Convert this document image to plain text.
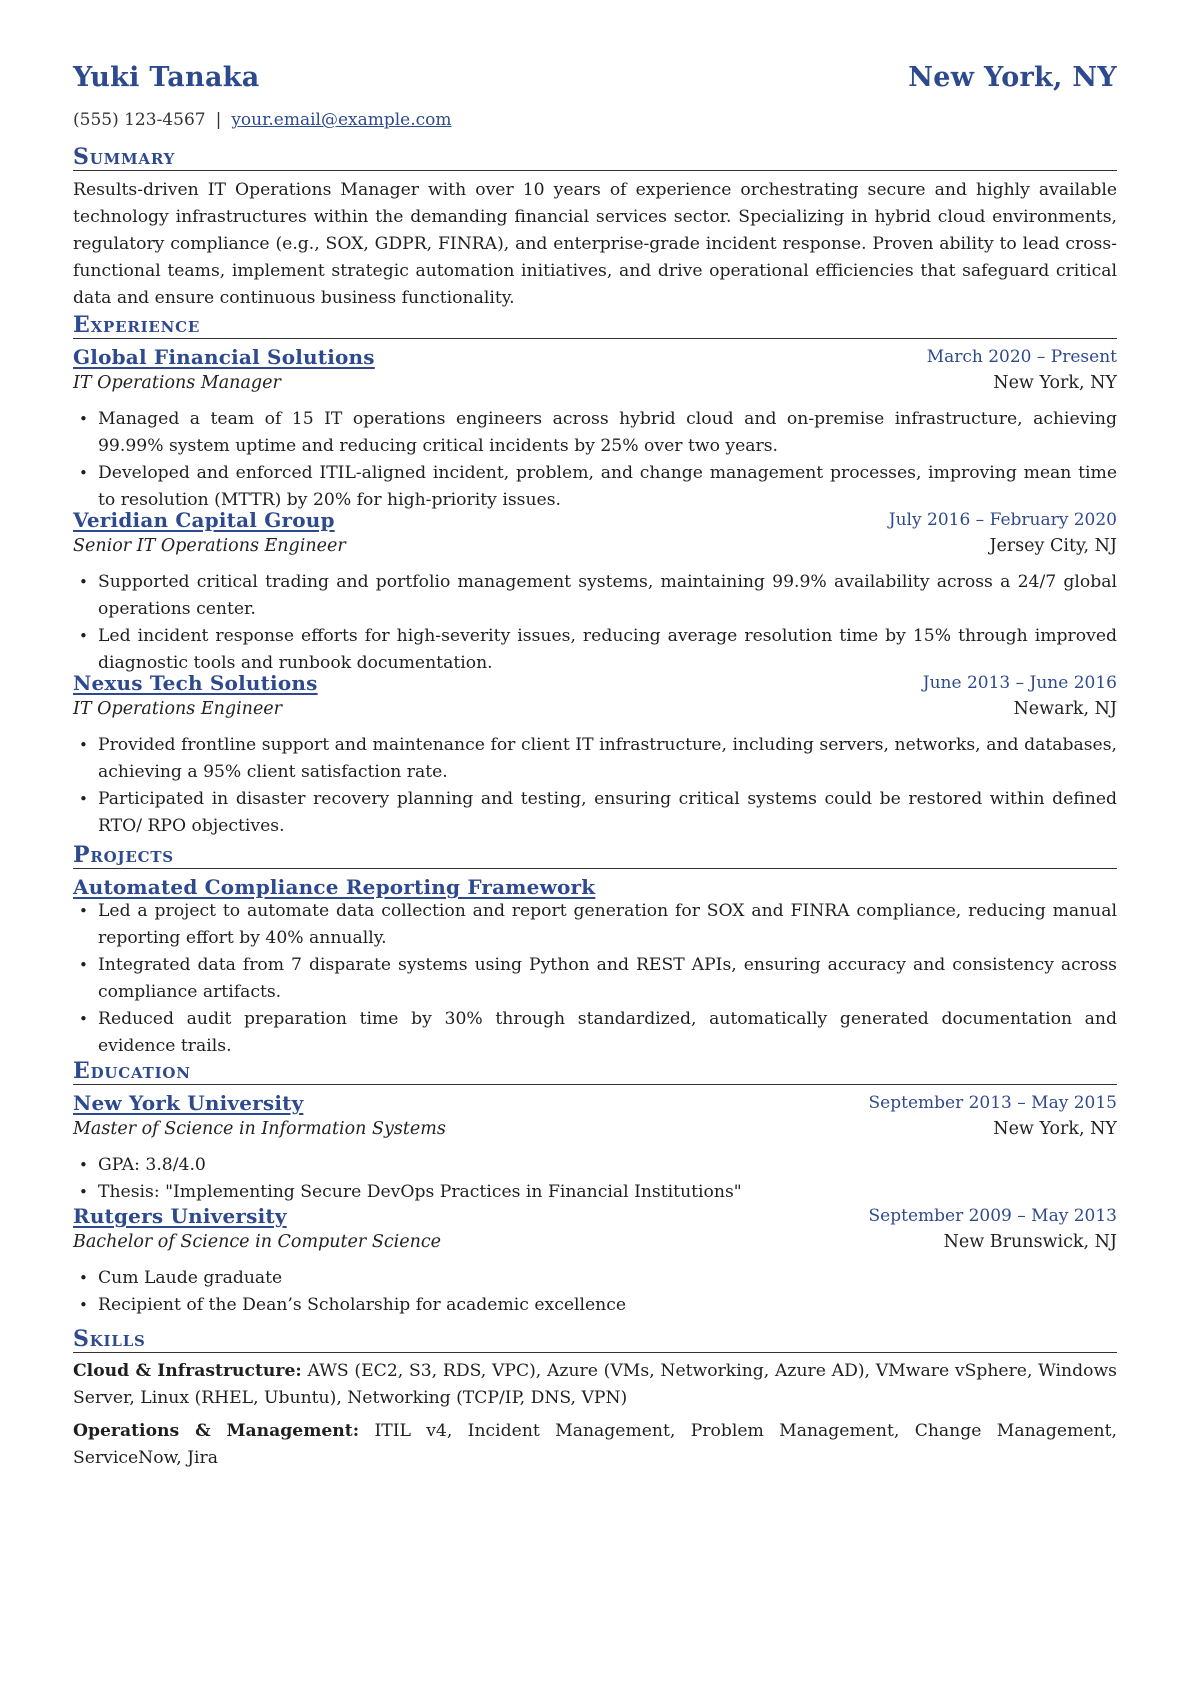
Yuki Tanaka	New York, NY
(555) 123-4567 | your.email@example.com
Summary
Results-driven IT Operations Manager with over 10 years of experience orchestrating secure and highly available technology infrastructures within the demanding financial services sector. Specializing in hybrid cloud environments, regulatory compliance (e.g., SOX, GDPR, FINRA), and enterprise-grade incident response. Proven ability to lead cross-functional teams, implement strategic automation initiatives, and drive operational efficiencies that safeguard critical data and ensure continuous business functionality.
Experience
Global Financial Solutions	March 2020 – Present
IT Operations Manager	New York, NY
• Managed a team of 15 IT operations engineers across hybrid cloud and on-premise infrastructure, achieving 99.99% system uptime and reducing critical incidents by 25% over two years.
• Developed and enforced ITIL-aligned incident, problem, and change management processes, improving mean time to resolution (MTTR) by 20% for high-priority issues.
Veridian Capital Group	July 2016 – February 2020
Senior IT Operations Engineer	Jersey City, NJ
• Supported critical trading and portfolio management systems, maintaining 99.9% availability across a 24/7 global operations center.
• Led incident response efforts for high-severity issues, reducing average resolution time by 15% through improved diagnostic tools and runbook documentation.
Nexus Tech Solutions	June 2013 – June 2016
IT Operations Engineer	Newark, NJ
• Provided frontline support and maintenance for client IT infrastructure, including servers, networks, and databases, achieving a 95% client satisfaction rate.
• Participated in disaster recovery planning and testing, ensuring critical systems could be restored within defined RTO/ RPO objectives.
Projects
Automated Compliance Reporting Framework
• Led a project to automate data collection and report generation for SOX and FINRA compliance, reducing manual reporting effort by 40% annually.
• Integrated data from 7 disparate systems using Python and REST APIs, ensuring accuracy and consistency across compliance artifacts.
• Reduced audit preparation time by 30% through standardized, automatically generated documentation and evidence trails.
Education
New York University	September 2013 – May 2015
Master of Science in Information Systems	New York, NY
• GPA: 3.8/4.0
• Thesis: "Implementing Secure DevOps Practices in Financial Institutions"
Rutgers University	September 2009 – May 2013
Bachelor of Science in Computer Science	New Brunswick, NJ
• Cum Laude graduate
• Recipient of the Dean’s Scholarship for academic excellence
Skills
Cloud & Infrastructure: AWS (EC2, S3, RDS, VPC), Azure (VMs, Networking, Azure AD), VMware vSphere, Windows Server, Linux (RHEL, Ubuntu), Networking (TCP/IP, DNS, VPN)
Operations & Management: ITIL v4, Incident Management, Problem Management, Change Management, ServiceNow, Jira
